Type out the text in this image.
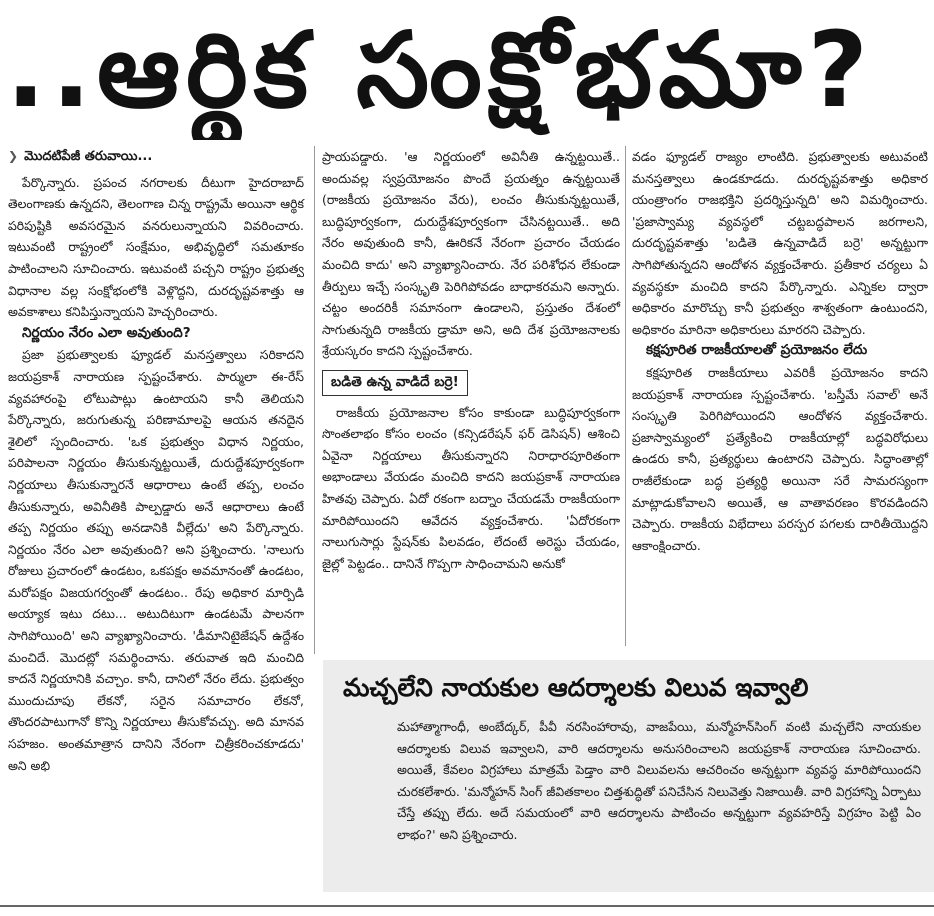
..ఆర్థిక సంక్షోభమా?
❯ మొదటిపేజీ తరువాయి...

పేర్కొన్నారు. ప్రపంచ నగరాలకు దీటుగా హైదరాబాద్ తెలంగాణకు ఉన్నదని, తెలంగాణ చిన్న రాష్ట్రమే అయినా ఆర్థిక పరిపుష్టికి అవసరమైన వనరులున్నాయని వివరించారు. ఇటువంటి రాష్ట్రంలో సంక్షేమం, అభివృద్ధిలో సమతూకం పాటించాలని సూచించారు. ఇటువంటి పచ్చని రాష్ట్రం ప్రభుత్వ విధానాల వల్ల సంక్షోభంలోకి వెళ్లొద్దని, దురదృష్టవశాత్తు ఆ అవకాశాలు కనిపిస్తున్నాయని హెచ్చరించారు.

నిర్ణయం నేరం ఎలా అవుతుంది?

ప్రజా ప్రభుత్వాలకు ఫ్యూడల్ మనస్తత్వాలు సరికాదని జయప్రకాశ్ నారాయణ స్పష్టంచేశారు. పార్ములా ఈ-రేస్ వ్యవహారంపై లోటుపాట్లు ఉంటాయని కానీ తెలియని పేర్కొన్నారు, జరుగుతున్న పరిణామాలపై ఆయన తనదైన శైలిలో స్పందించారు. 'ఒక ప్రభుత్వం విధాన నిర్ణయం, పరిపాలనా నిర్ణయం తీసుకున్నట్టయితే, దురుద్దేశపూర్వకంగా నిర్ణయాలు తీసుకున్నారనే ఆధారాలు ఉంటే తప్ప, లంచం తీసుకున్నారు, అవినీతికి పాల్పడ్డారు అనే ఆధారాలు ఉంటే తప్ప నిర్ణయం తప్పు అనడానికి వీల్లేదు' అని పేర్కొన్నారు. నిర్ణయం నేరం ఎలా అవుతుంది? అని ప్రశ్నించారు. 'నాలుగు రోజులు ప్రచారంలో ఉండటం, ఒకపక్షం అవమానంతో ఉండటం, మరోపక్షం విజయగర్వంతో ఉండటం.. రేపు అధికార మార్పిడి అయ్యాక ఇటు దటు... అటుదిటుగా ఉండటమే పాలనగా సాగిపోయింది' అని వ్యాఖ్యానించారు. 'డీమానిటైజేషన్ ఉద్దేశం మంచిదే. మొదట్లో సమర్థించాను. తరువాత ఇది మంచిది కాదనే నిర్ణయానికి వచ్చాం. కానీ, దానిలో నేరం లేదు. ప్రభుత్వం ముందుచూపు లేకనో, సరైన సమాచారం లేకనో, తొందరపాటుగానో కొన్ని నిర్ణయాలు తీసుకోవచ్చు. అది మానవ సహజం. అంతమాత్రాన దానిని నేరంగా చిత్రీకరించకూడదు' అని అభి

ప్రాయపడ్డారు. 'ఆ నిర్ణయంలో అవినీతి ఉన్నట్టయితే.. అందువల్ల స్వప్రయోజనం పొందే ప్రయత్నం ఉన్నట్టయితే (రాజకీయ ప్రయోజనం వేరు), లంచం తీసుకున్నట్టయితే, బుద్ధిపూర్వకంగా, దురుద్దేశపూర్వకంగా చేసినట్టయితే.. అది నేరం అవుతుంది కానీ, ఊరికనే నేరంగా ప్రచారం చేయడం మంచిది కాదు' అని వ్యాఖ్యానించారు. నేర పరిశోధన లేకుండా తీర్పులు ఇచ్చే సంస్కృతి పెరిగిపోవడం బాధాకరమని అన్నారు. చట్టం అందరికీ సమానంగా ఉండాలని, ప్రస్తుతం దేశంలో సాగుతున్నది రాజకీయ డ్రామా అని, అది దేశ ప్రయోజనాలకు శ్రేయస్కరం కాదని స్పష్టంచేశారు.

బడితె ఉన్న వాడిదే బర్రె!

రాజకీయ ప్రయోజనాల కోసం కాకుండా బుద్ధిపూర్వకంగా సొంతలాభం కోసం లంచం (కన్సిడరేషన్ ఫర్ డెసిషన్) ఆశించి ఏవైనా నిర్ణయాలు తీసుకున్నారని నిరాధారపూరితంగా అభాండాలు వేయడం మంచిది కాదని జయప్రకాశ్ నారాయణ హితవు చెప్పారు. ఏదో రకంగా బద్నాం చేయడమే రాజకీయంగా మారిపోయిందని ఆవేదన వ్యక్తంచేశారు. 'ఏదోరకంగా నాలుగుసార్లు స్టేషన్‌కు పిలవడం, లేదంటే అరెస్టు చేయడం, జైల్లో పెట్టడం.. దానినే గొప్పగా సాధించామని అనుకో

వడం ఫ్యూడల్ రాజ్యం లాంటిది. ప్రభుత్వాలకు అటువంటి మనస్తత్వాలు ఉండకూడదు. దురదృష్టవశాత్తు అధికార యంత్రాంగం రాజభక్తిని ప్రదర్శిస్తున్నది' అని విమర్శించారు. 'ప్రజాస్వామ్య వ్యవస్థలో చట్టబద్ధపాలన జరగాలని, దురదృష్టవశాత్తు 'బడితె ఉన్నవాడిదే బర్రె' అన్నట్టుగా సాగిపోతున్నదని ఆందోళన వ్యక్తంచేశారు. ప్రతీకార చర్యలు ఏ వ్యవస్థకూ మంచిది కాదని పేర్కొన్నారు. ఎన్నికల ద్వారా అధికారం మారొచ్చు కానీ ప్రభుత్వం శాశ్వతంగా ఉంటుందని, అధికారం మారినా అధికారులు మారరని చెప్పారు.

కక్షపూరిత రాజకీయాలతో ప్రయోజనం లేదు

కక్షపూరిత రాజకీయాలు ఎవరికీ ప్రయోజనం కాదని జయప్రకాశ్ నారాయణ స్పష్టంచేశారు. 'బస్తీమే సవాల్' అనే సంస్కృతి పెరిగిపోయిందని ఆందోళన వ్యక్తంచేశారు. ప్రజాస్వామ్యంలో ప్రత్యేకించి రాజకీయాల్లో బద్ధవిరోధులు ఉండరు కానీ, ప్రత్యర్థులు ఉంటారని చెప్పారు. సిద్ధాంతాల్లో రాజీలేకుండా బద్ధ ప్రత్యర్థి అయినా సరే సామరస్యంగా మాట్లాడుకోవాలని అయితే, ఆ వాతావరణం కొరవడిందని చెప్పారు. రాజకీయ విభేదాలు పరస్పర పగలకు దారితీయొద్దని ఆకాంక్షించారు.

మచ్చలేని నాయకుల ఆదర్శాలకు విలువ ఇవ్వాలి

మహాత్మాగాంధీ, అంబేద్కర్, పీవీ నరసింహారావు, వాజపేయి, మన్మోహన్‌సింగ్ వంటి మచ్చలేని నాయకుల ఆదర్శాలకు విలువ ఇవ్వాలని, వారి ఆదర్శాలను అనుసరించాలని జయప్రకాశ్ నారాయణ సూచించారు. అయితే, కేవలం విగ్రహాలు మాత్రమే పెడ్తాం వారి విలువలను ఆచరించం అన్నట్టుగా వ్యవస్థ మారిపోయిందని చురకలేశారు. 'మన్మోహన్ సింగ్ జీవితకాలం చిత్తశుద్ధితో పనిచేసిన నిలువెత్తు నిజాయితీ. వారి విగ్రహాన్ని ఏర్పాటు చేస్తే తప్పు లేదు. అదే సమయంలో వారి ఆదర్శాలను పాటించం అన్నట్టుగా వ్యవహరిస్తే విగ్రహం పెట్టి ఏం లాభం?' అని ప్రశ్నించారు.
